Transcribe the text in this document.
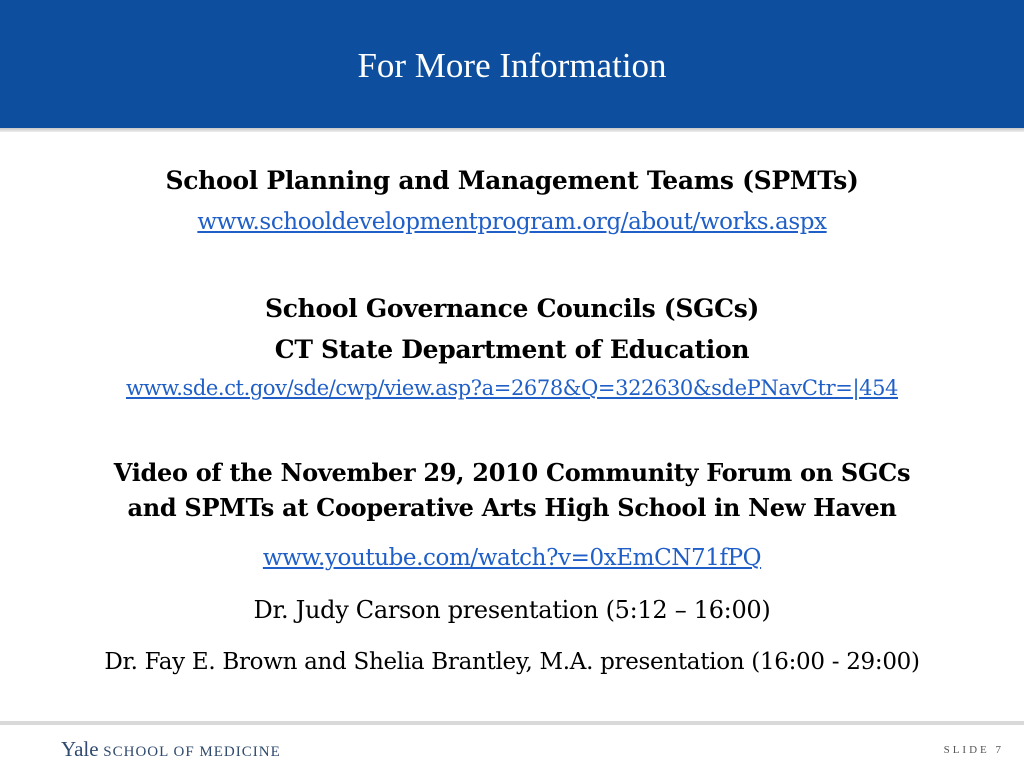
For More Information
School Planning and Management Teams (SPMTs)
www.schooldevelopmentprogram.org/about/works.aspx
School Governance Councils (SGCs)
CT State Department of Education
www.sde.ct.gov/sde/cwp/view.asp?a=2678&Q=322630&sdePNavCtr=|454
Video of the November 29, 2010 Community Forum on SGCs
and SPMTs at Cooperative Arts High School in New Haven
www.youtube.com/watch?v=0xEmCN71fPQ
Dr. Judy Carson presentation (5:12 – 16:00)
Dr. Fay E. Brown and Shelia Brantley, M.A. presentation (16:00 - 29:00)
Yale SCHOOL OF MEDICINE	SLIDE 7
